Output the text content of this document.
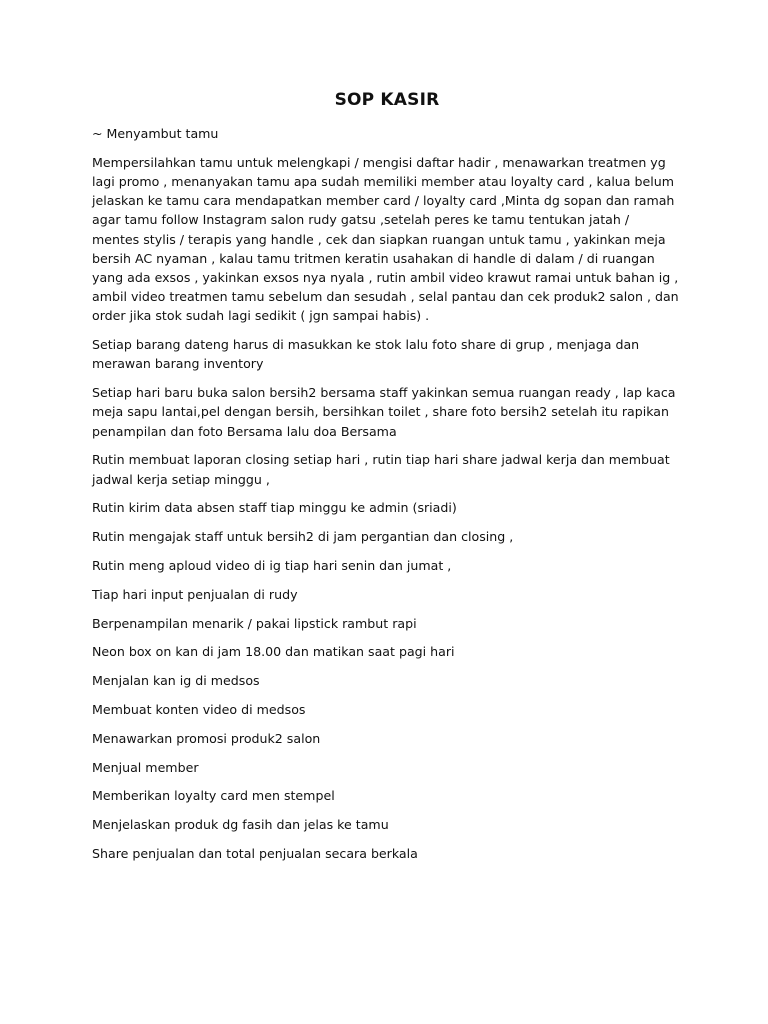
SOP KASIR

~ Menyambut tamu

Mempersilahkan tamu untuk melengkapi / mengisi daftar hadir , menawarkan treatmen yg
lagi promo , menanyakan tamu apa sudah memiliki member atau loyalty card , kalua belum
jelaskan ke tamu cara mendapatkan member card / loyalty card ,Minta dg sopan dan ramah
agar tamu follow Instagram salon rudy gatsu ,setelah peres ke tamu tentukan jatah /
mentes stylis / terapis yang handle , cek dan siapkan ruangan untuk tamu , yakinkan meja
bersih AC nyaman , kalau tamu tritmen keratin usahakan di handle di dalam / di ruangan
yang ada exsos , yakinkan exsos nya nyala , rutin ambil video krawut ramai untuk bahan ig ,
ambil video treatmen tamu sebelum dan sesudah , selal pantau dan cek produk2 salon , dan
order jika stok sudah lagi sedikit ( jgn sampai habis) .

Setiap barang dateng harus di masukkan ke stok lalu foto share di grup , menjaga dan
merawan barang inventory

Setiap hari baru buka salon bersih2 bersama staff yakinkan semua ruangan ready , lap kaca
meja sapu lantai,pel dengan bersih, bersihkan toilet , share foto bersih2 setelah itu rapikan
penampilan dan foto Bersama lalu doa Bersama

Rutin membuat laporan closing setiap hari , rutin tiap hari share jadwal kerja dan membuat
jadwal kerja setiap minggu ,

Rutin kirim data absen staff tiap minggu ke admin (sriadi)

Rutin mengajak staff untuk bersih2 di jam pergantian dan closing ,

Rutin meng aploud video di ig tiap hari senin dan jumat ,

Tiap hari input penjualan di rudy

Berpenampilan menarik / pakai lipstick rambut rapi

Neon box on kan di jam 18.00 dan matikan saat pagi hari

Menjalan kan ig di medsos

Membuat konten video di medsos

Menawarkan promosi produk2 salon

Menjual member

Memberikan loyalty card men stempel

Menjelaskan produk dg fasih dan jelas ke tamu

Share penjualan dan total penjualan secara berkala
